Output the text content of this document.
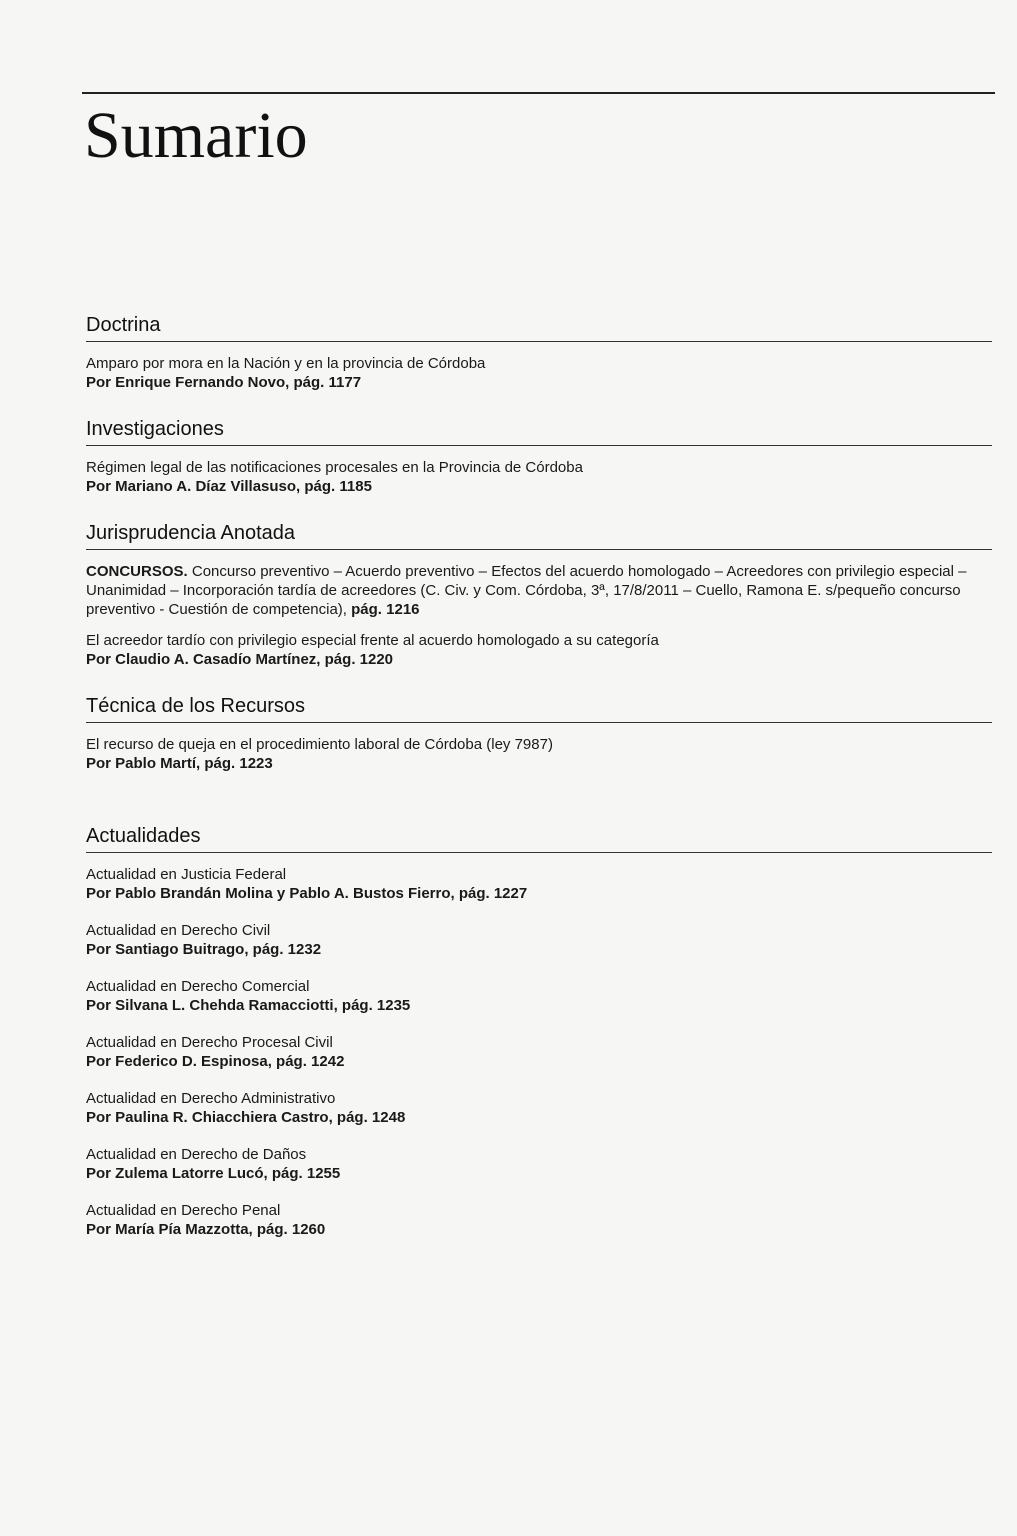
Sumario
Doctrina
Amparo por mora en la Nación y en la provincia de Córdoba
Por Enrique Fernando Novo, pág. 1177
Investigaciones
Régimen legal de las notificaciones procesales en la Provincia de Córdoba
Por Mariano A. Díaz Villasuso, pág. 1185
Jurisprudencia Anotada
CONCURSOS. Concurso preventivo – Acuerdo preventivo – Efectos del acuerdo homologado – Acreedores con privilegio especial – Unanimidad – Incorporación tardía de acreedores (C. Civ. y Com. Córdoba, 3ª, 17/8/2011 – Cuello, Ramona E. s/pequeño concurso preventivo - Cuestión de competencia), pág. 1216
El acreedor tardío con privilegio especial frente al acuerdo homologado a su categoría
Por Claudio A. Casadío Martínez, pág. 1220
Técnica de los Recursos
El recurso de queja en el procedimiento laboral de Córdoba (ley 7987)
Por Pablo Martí, pág. 1223
Actualidades
Actualidad en Justicia Federal
Por Pablo Brandán Molina y Pablo A. Bustos Fierro, pág. 1227
Actualidad en Derecho Civil
Por Santiago Buitrago, pág. 1232
Actualidad en Derecho Comercial
Por Silvana L. Chehda Ramacciotti, pág. 1235
Actualidad en Derecho Procesal Civil
Por Federico D. Espinosa, pág. 1242
Actualidad en Derecho Administrativo
Por Paulina R. Chiacchiera Castro, pág. 1248
Actualidad en Derecho de Daños
Por Zulema Latorre Lucó, pág. 1255
Actualidad en Derecho Penal
Por María Pía Mazzotta, pág. 1260
